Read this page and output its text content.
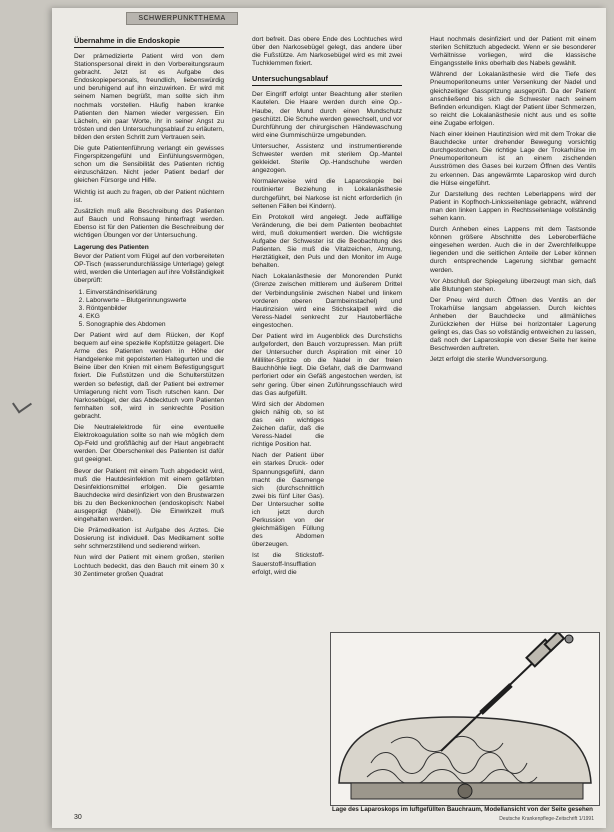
SCHWERPUNKTTHEMA
Übernahme in die Endoskopie

Der prämedizierte Patient wird von dem Stationspersonal direkt in den Vorbereitungsraum gebracht. Jetzt ist es Aufgabe des Endoskopiepersonals, freundlich, liebenswürdig und beruhigend auf ihn einzuwirken. Er wird mit seinem Namen begrüßt, man sollte sich ihm nochmals vorstellen. Häufig haben kranke Patienten den Namen wieder vergessen. Ein Lächeln, ein paar Worte, ihr in seiner Angst zu trösten und den Untersuchungsablauf zu erläutern, bilden den ersten Schritt zum Vertrauen sein.

Die gute Patientenführung verlangt ein gewisses Fingerspitzengefühl und Einfühlungsvermögen, schon um die Sensibilität des Patienten richtig einzuschätzen. Nicht jeder Patient bedarf der gleichen Fürsorge und Hilfe.

Wichtig ist auch zu fragen, ob der Patient nüchtern ist.

Zusätzlich muß alle Beschreibung des Patienten auf Bauch und Rohsaung hinterfragt werden. Ebenso ist für den Patienten die Beschreibung der wichtigen Übungen vor der Untersuchung.

Lagerung des Patienten

Bevor der Patient vom Flügel auf den vorbereiteten OP-Tisch (wasserundurchlässige Unterlage) gelegt wird, werden die Unterlagen auf ihre Vollständigkeit überprüft:

1. Einverständniserklärung
2. Laborwerte – Blutgerinnungswerte
3. Röntgenbilder
4. EKG
5. Sonographie des Abdomen

Der Patient wird auf dem Rücken, der Kopf bequem auf eine spezielle Kopfstütze gelagert. Die Arme des Patienten werden in Höhe der Handgelenke mit gepolsterten Haltegurten und die Beine über den Knien mit einem Befestigungsgurt fixiert. Die Fußstützen und die Schulterstützen werden so befestigt, daß der Patient bei extremer Umlagerung nicht vom Tisch rutschen kann. Der Narkosebügel, der das Abdecktuch vom Patienten fernhalten soll, wird in senkrechte Position gebracht.

Die Neutralelektrode für eine eventuelle Elektrokoagulation sollte so nah wie möglich dem Op-Feld und großflächig auf der Haut angebracht werden. Der Oberschenkel des Patienten ist dafür gut geeignet.

Bevor der Patient mit einem Tuch abgedeckt wird, muß die Hautdesinfektion mit einem gefärbten Desinfektionsmittel erfolgen. Die gesamte Bauchdecke wird desinfiziert von den Brustwarzen bis zu den Beckenknochen (endoskopisch: Nabel ausgeprägt (Nabel)). Die Einwirkzeit muß eingehalten werden.

Die Prämedikation ist Aufgabe des Arztes. Die Dosierung ist individuell. Das Medikament sollte sehr schmerzstillend und sedierend wirken.

Nun wird der Patient mit einem großen, sterilen Lochtuch bedeckt, das den Bauch mit einem 30 x 30 Zentimeter großen Quadrat

dort befreit. Das obere Ende des Lochtuches wird über den Narkosebügel gelegt, das andere über die Fußstütze. Am Narkosebügel wird es mit zwei Tuchklemmen fixiert.

Untersuchungsablauf

Der Eingriff erfolgt unter Beachtung aller sterilen Kautelen. Die Haare werden durch eine Op.-Haube, der Mund durch einen Mundschutz geschützt. Die Schuhe werden gewechselt, und vor Durchführung der chirurgischen Händewaschung wird eine Gummischürze umgebunden.

Untersucher, Assistenz und instrumentierende Schwester werden mit sterilem Op.-Mantel gekleidet. Sterile Op.-Handschuhe werden angezogen.

Normalerweise wird die Laparoskopie bei routinierter Beziehung in Lokalanästhesie durchgeführt, bei Narkose ist nicht erforderlich (in seltenen Fällen bei Kindern).

Ein Protokoll wird angelegt. Jede auffällige Veränderung, die bei dem Patienten beobachtet wird, muß dokumentiert werden. Die wichtigste Aufgabe der Schwester ist die Beobachtung des Patienten. Sie muß die Vitalzeichen, Atmung, Herztätigkeit, den Puls und den Monitor im Auge behalten.

Nach Lokalanästhesie der Monorenden Punkt (Grenze zwischen mittlerem und äußerem Drittel der Verbindungslinie zwischen Nabel und linkem vorderen oberen Darmbeinstachel) und Hautinzision wird eine Stichskalpell wird die Veress-Nadel senkrecht zur Hautoberfläche eingestochen.

Der Patient wird im Augenblick des Durchstichs aufgefordert, den Bauch vorzupressen. Man prüft der Untersucher durch Aspiration mit einer 10 Milliliter-Spritze ob die Nadel in der freien Bauchhöhle liegt. Die Gefahr, daß die Darmwand perforiert oder ein Gefäß angestochen werden, ist sehr gering. Über einen Zuführungsschlauch wird das Gas aufgefüllt.

Wird sich der Abdomen gleich nähig ob, so ist das ein wichtiges Zeichen dafür, daß die Veress-Nadel die richtige Position hat.

Nach der Patient über ein starkes Druck- oder Spannungsgefühl, dann macht die Gasmenge sich (durchschnittlich zwei bis fünf Liter Gas). Der Untersucher sollte ich jetzt durch Perkussion von der gleichmäßigen Füllung des Abdomen überzeugen.

Ist die Stickstoff-Sauerstoff-Insufflation erfolgt, wird die

Haut nochmals desinfiziert und der Patient mit einem sterilen Schlitztuch abgedeckt. Wenn er sie besonderer Verhältnisse vorliegen, wird die klassische Eingangsstelle links oberhalb des Nabels gewählt.

Während der Lokalanästhesie wird die Tiefe des Pneumoperitoneums unter Versenkung der Nadel und gleichzeitiger Gasspritzung ausgeprüft. Da der Patient anschließend bis sich die Schwester nach seinem Befinden erkundigen. Klagt der Patient über Schmerzen, so reicht die Lokalanästhesie nicht aus und es sollte eine Zugabe erfolgen.

Nach einer kleinen Hautinzision wird mit dem Trokar die Bauchdecke unter drehender Bewegung vorsichtig durchgestochen. Die richtige Lage der Trokarhülse im Pneumoperitoneum ist an einem zischenden Ausströmen des Gases bei kurzem Öffnen des Ventils zu erkennen. Das angewärmte Laparoskop wird durch die Hülse eingeführt.

Zur Darstellung des rechten Leberlappens wird der Patient in Kopfhoch-Linksseitenlage gebracht, während man den linken Lappen in Rechtsseitenlage vollständig sehen kann.

Durch Anheben eines Lappens mit dem Tastsonde können größere Abschnitte des Leberoberfläche eingesehen werden. Auch die in der Zwerchfellkuppe liegenden und die seitlichen Anteile der Leber können durch entsprechende Lagerung sichtbar gemacht werden.

Vor Abschluß der Spiegelung überzeugt man sich, daß alle Blutungen stehen.

Der Pneu wird durch Öffnen des Ventils an der Trokarhülse langsam abgelassen. Durch leichtes Anheben der Bauchdecke und allmähliches Zurückziehen der Hülse bei horizontaler Lagerung gelingt es, das Gas so vollständig entweichen zu lassen, daß noch der Laparoskopie von dieser Seite her keine Beschwerden auftreten.

Jetzt erfolgt die sterile Wundversorgung.

Lage des Laparoskops im luftgefüllten Bauchraum, Modellansicht von der Seite gesehen
30	Deutsche Krankenpflege-Zeitschrift 1/1991
